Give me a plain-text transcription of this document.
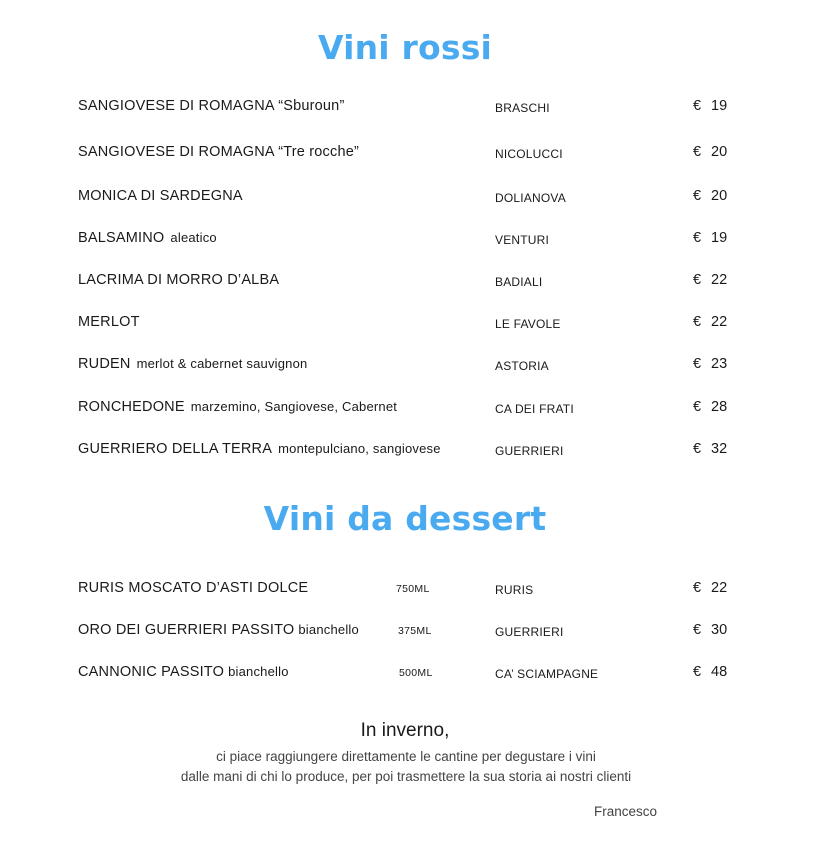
Vini rossi
SANGIOVESE DI ROMAGNA “Sburoun”	BRASCHI	€ 19
SANGIOVESE DI ROMAGNA “Tre rocche”	NICOLUCCI	€ 20
MONICA DI SARDEGNA	DOLIANOVA	€ 20
BALSAMINO aleatico	VENTURI	€ 19
LACRIMA DI MORRO D’ALBA	BADIALI	€ 22
MERLOT	LE FAVOLE	€ 22
RUDEN merlot & cabernet sauvignon	ASTORIA	€ 23
RONCHEDONE marzemino, Sangiovese, Cabernet	CA DEI FRATI	€ 28
GUERRIERO DELLA TERRA montepulciano, sangiovese	GUERRIERI	€ 32
Vini da dessert
RURIS MOSCATO D’ASTI DOLCE	750ML	RURIS	€ 22
ORO DEI GUERRIERI PASSITO bianchello	375ML	GUERRIERI	€ 30
CANNONIC PASSITO bianchello	500ML	CA’ SCIAMPAGNE	€ 48
In inverno,
ci piace raggiungere direttamente le cantine per degustare i vini
dalle mani di chi lo produce, per poi trasmettere la sua storia ai nostri clienti
Francesco
